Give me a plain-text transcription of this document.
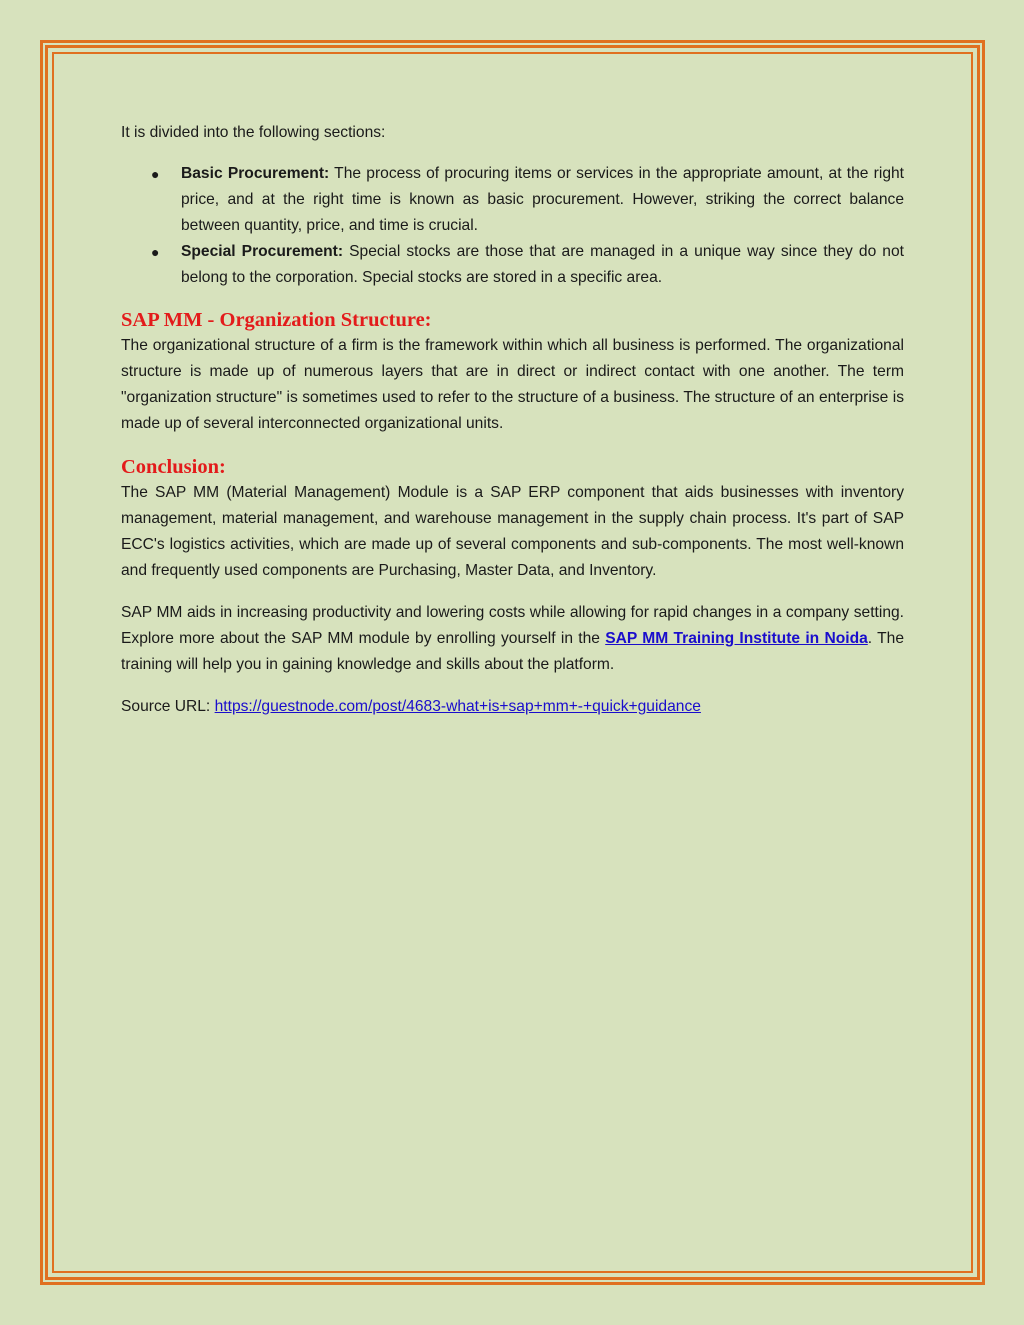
It is divided into the following sections:

● Basic Procurement: The process of procuring items or services in the appropriate amount, at the right price, and at the right time is known as basic procurement. However, striking the correct balance between quantity, price, and time is crucial.
● Special Procurement: Special stocks are those that are managed in a unique way since they do not belong to the corporation. Special stocks are stored in a specific area.
SAP MM - Organization Structure:

The organizational structure of a firm is the framework within which all business is performed. The organizational structure is made up of numerous layers that are in direct or indirect contact with one another. The term "organization structure" is sometimes used to refer to the structure of a business. The structure of an enterprise is made up of several interconnected organizational units.

Conclusion:

The SAP MM (Material Management) Module is a SAP ERP component that aids businesses with inventory management, material management, and warehouse management in the supply chain process. It's part of SAP ECC's logistics activities, which are made up of several components and sub-components. The most well-known and frequently used components are Purchasing, Master Data, and Inventory.

SAP MM aids in increasing productivity and lowering costs while allowing for rapid changes in a company setting. Explore more about the SAP MM module by enrolling yourself in the SAP MM Training Institute in Noida. The training will help you in gaining knowledge and skills about the platform.

Source URL: https://guestnode.com/post/4683-what+is+sap+mm+-+quick+guidance
